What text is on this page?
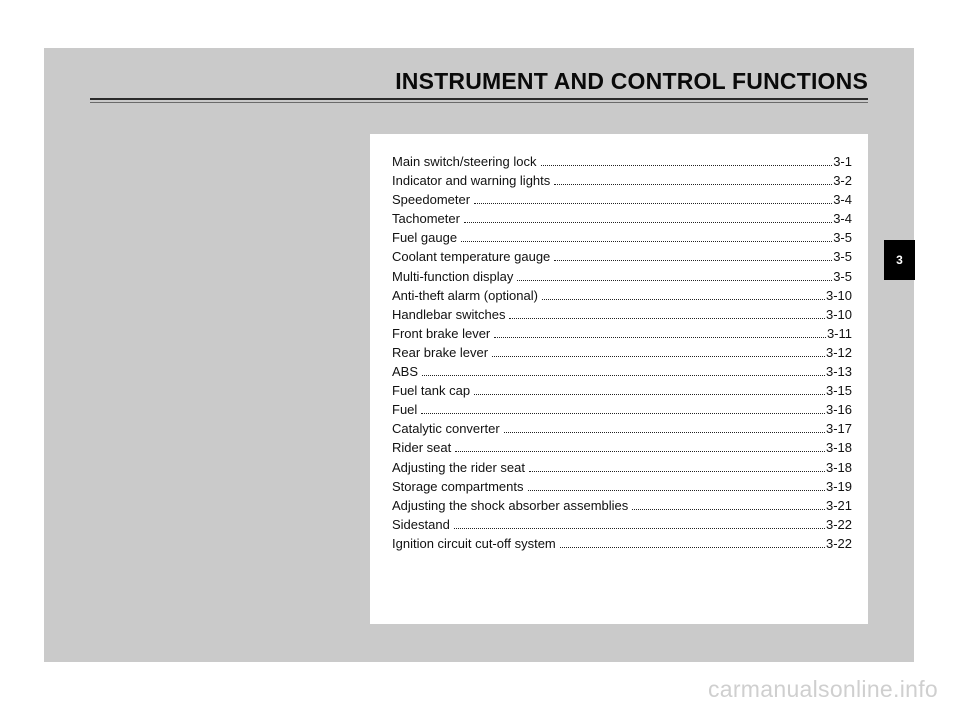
INSTRUMENT AND CONTROL FUNCTIONS
Main switch/steering lock	3-1
Indicator and warning lights	3-2
Speedometer	3-4
Tachometer	3-4
Fuel gauge	3-5
Coolant temperature gauge	3-5
Multi-function display	3-5
Anti-theft alarm (optional)	3-10
Handlebar switches	3-10
Front brake lever	3-11
Rear brake lever	3-12
ABS	3-13
Fuel tank cap	3-15
Fuel	3-16
Catalytic converter	3-17
Rider seat	3-18
Adjusting the rider seat	3-18
Storage compartments	3-19
Adjusting the shock absorber assemblies	3-21
Sidestand	3-22
Ignition circuit cut-off system	3-22
3
carmanualsonline.info
